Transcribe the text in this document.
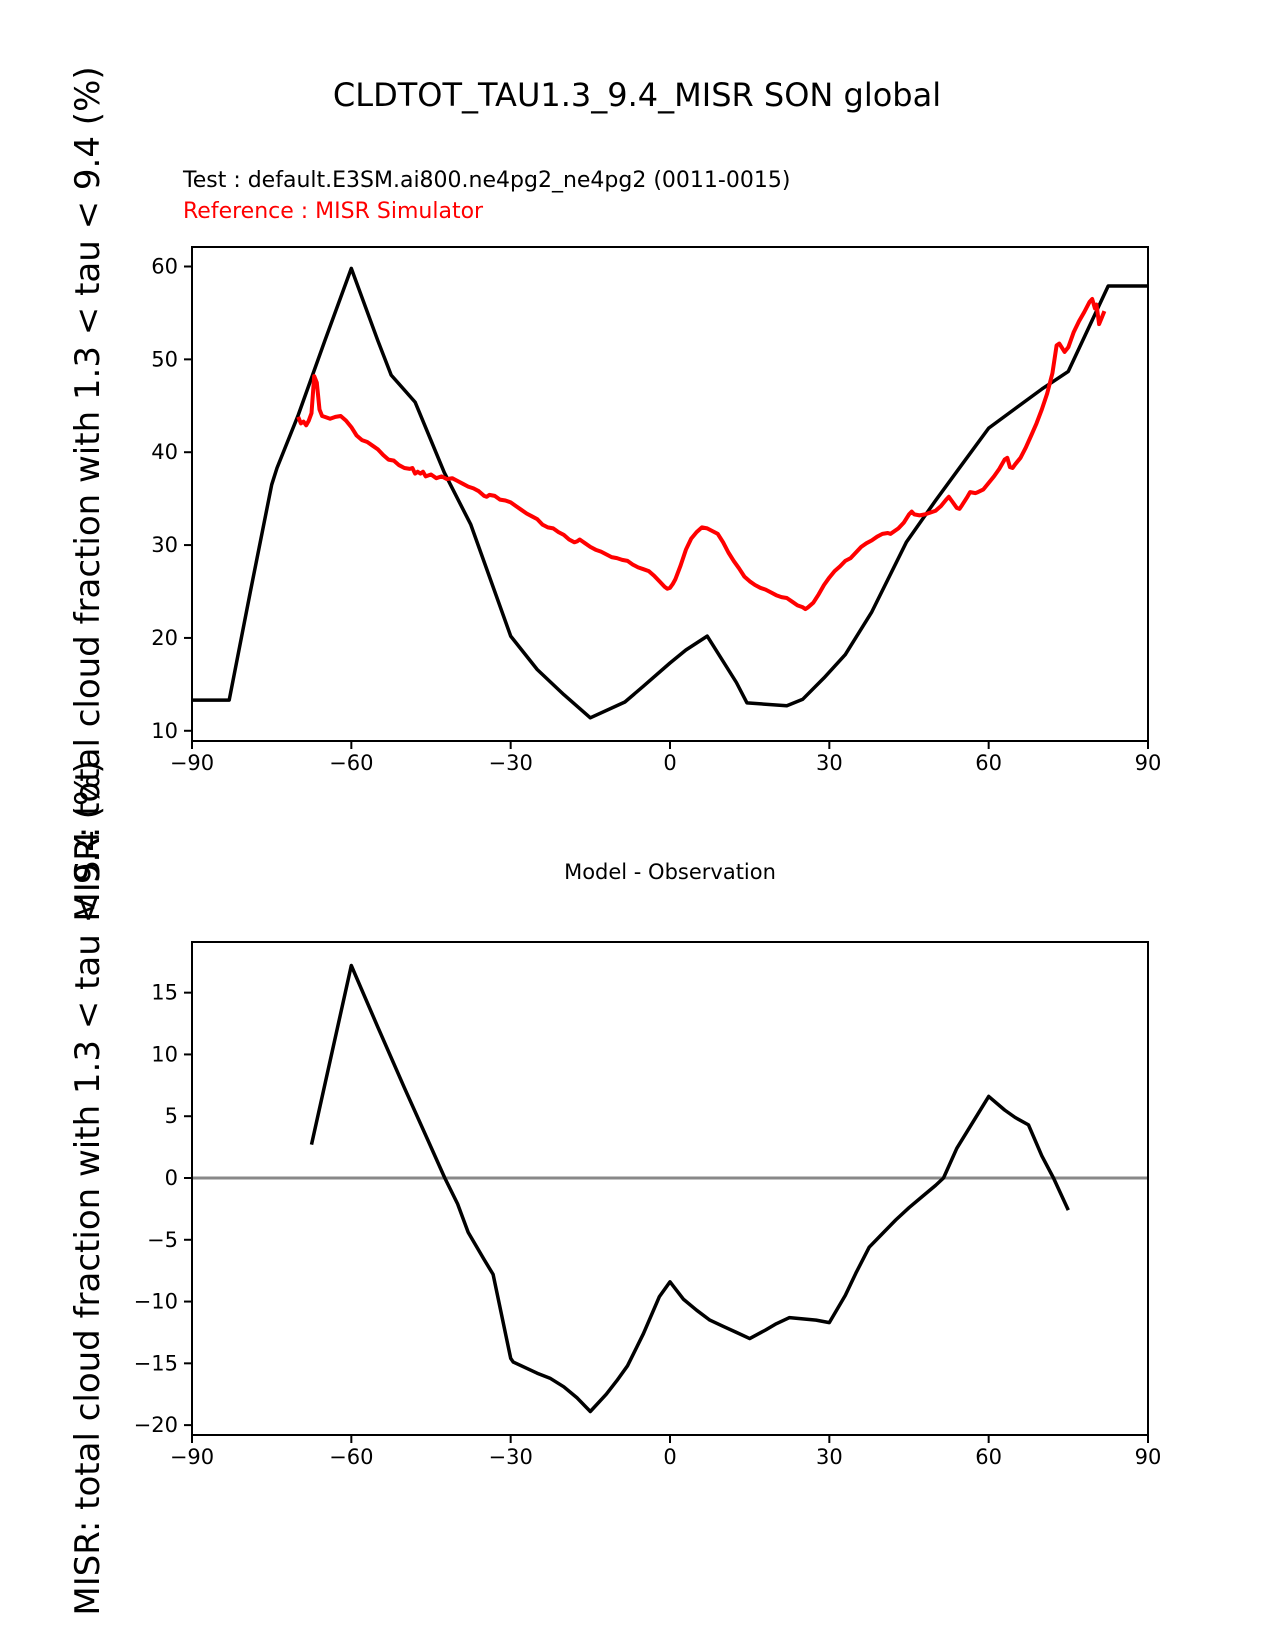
−90	−60	−30	0	30	60	90
10
20
30
40
50
60
−90	−60	−30	0	30	60	90
15
10
5
0
−5
−10
−15
−20
CLDTOT_TAU1.3_9.4_MISR SON global
Test : default.E3SM.ai800.ne4pg2_ne4pg2 (0011-0015)
Reference : MISR Simulator
MISR: total cloud fraction with 1.3 < tau < 9.4 (%)
MISR: total cloud fraction with 1.3 < tau < 9.4 (%)	Model - Observation
